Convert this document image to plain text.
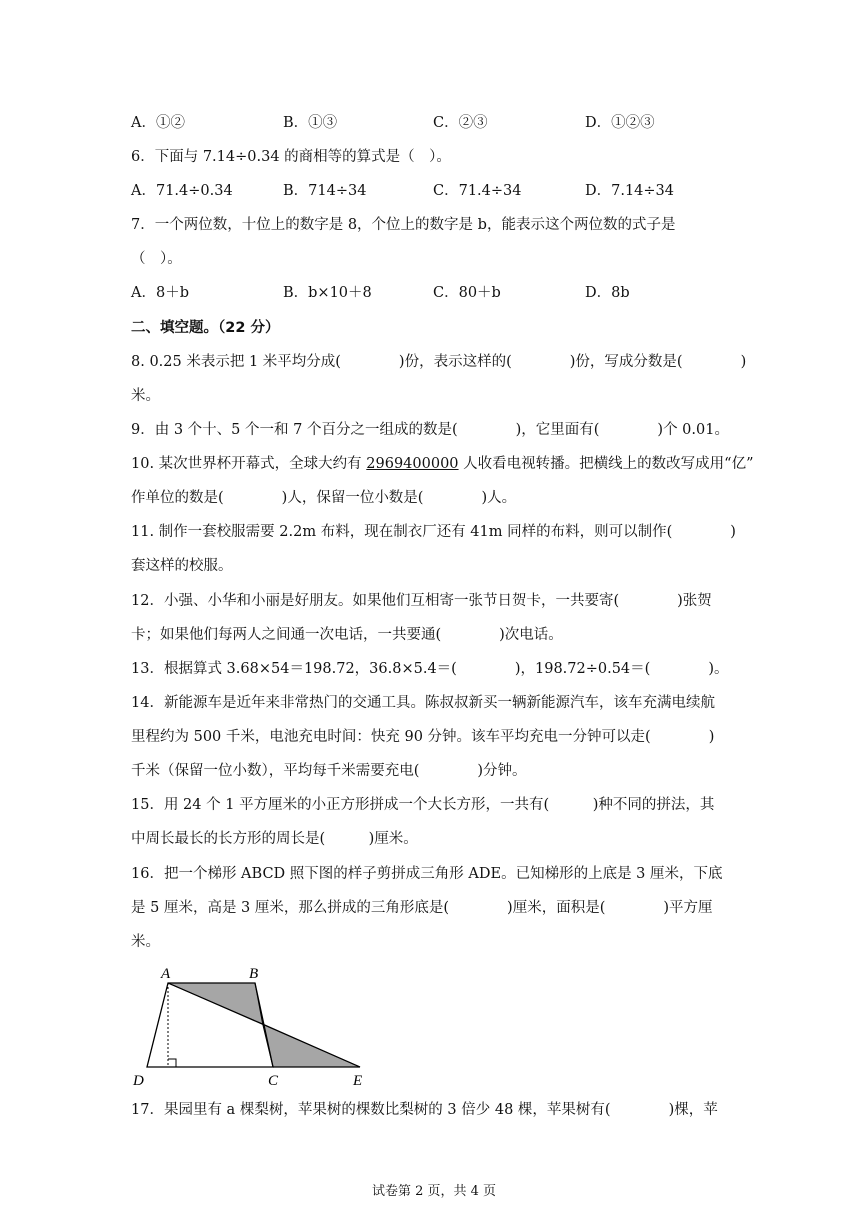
A．①②	B．①③	C．②③	D．①②③
6．下面与 7.14÷0.34 的商相等的算式是（　）。
A．71.4÷0.34	B．714÷34	C．71.4÷34	D．7.14÷34
7．一个两位数，十位上的数字是 8，个位上的数字是 b，能表示这个两位数的式子是
（　）。
A．8＋b	B．b×10＋8	C．80＋b	D．8b
二、填空题。（22 分）
8. 0.25 米表示把 1 米平均分成(　　　　)份，表示这样的(　　　　)份，写成分数是(　　　　)
米。
9．由 3 个十、5 个一和 7 个百分之一组成的数是(　　　　)，它里面有(　　　　)个 0.01。
10. 某次世界杯开幕式，全球大约有 2969400000 人收看电视转播。把横线上的数改写成用“亿”
作单位的数是(　　　　)人，保留一位小数是(　　　　)人。
11. 制作一套校服需要 2.2m 布料，现在制衣厂还有 41m 同样的布料，则可以制作(　　　　)
套这样的校服。
12．小强、小华和小丽是好朋友。如果他们互相寄一张节日贺卡，一共要寄(　　　　)张贺
卡；如果他们每两人之间通一次电话，一共要通(　　　　)次电话。
13．根据算式 3.68×54＝198.72，36.8×5.4＝(　　　　)，198.72÷0.54＝(　　　　)。
14．新能源车是近年来非常热门的交通工具。陈叔叔新买一辆新能源汽车，该车充满电续航
里程约为 500 千米，电池充电时间：快充 90 分钟。该车平均充电一分钟可以走(　　　　)
千米（保留一位小数），平均每千米需要充电(　　　　)分钟。
15．用 24 个 1 平方厘米的小正方形拼成一个大长方形，一共有(　　　)种不同的拼法，其
中周长最长的长方形的周长是(　　　)厘米。
16．把一个梯形 ABCD 照下图的样子剪拼成三角形 ADE。已知梯形的上底是 3 厘米，下底
是 5 厘米，高是 3 厘米，那么拼成的三角形底是(　　　　)厘米，面积是(　　　　)平方厘
米。
A	B
C
D	E
17．果园里有 a 棵梨树，苹果树的棵数比梨树的 3 倍少 48 棵，苹果树有(　　　　)棵，苹
试卷第 2 页，共 4 页
